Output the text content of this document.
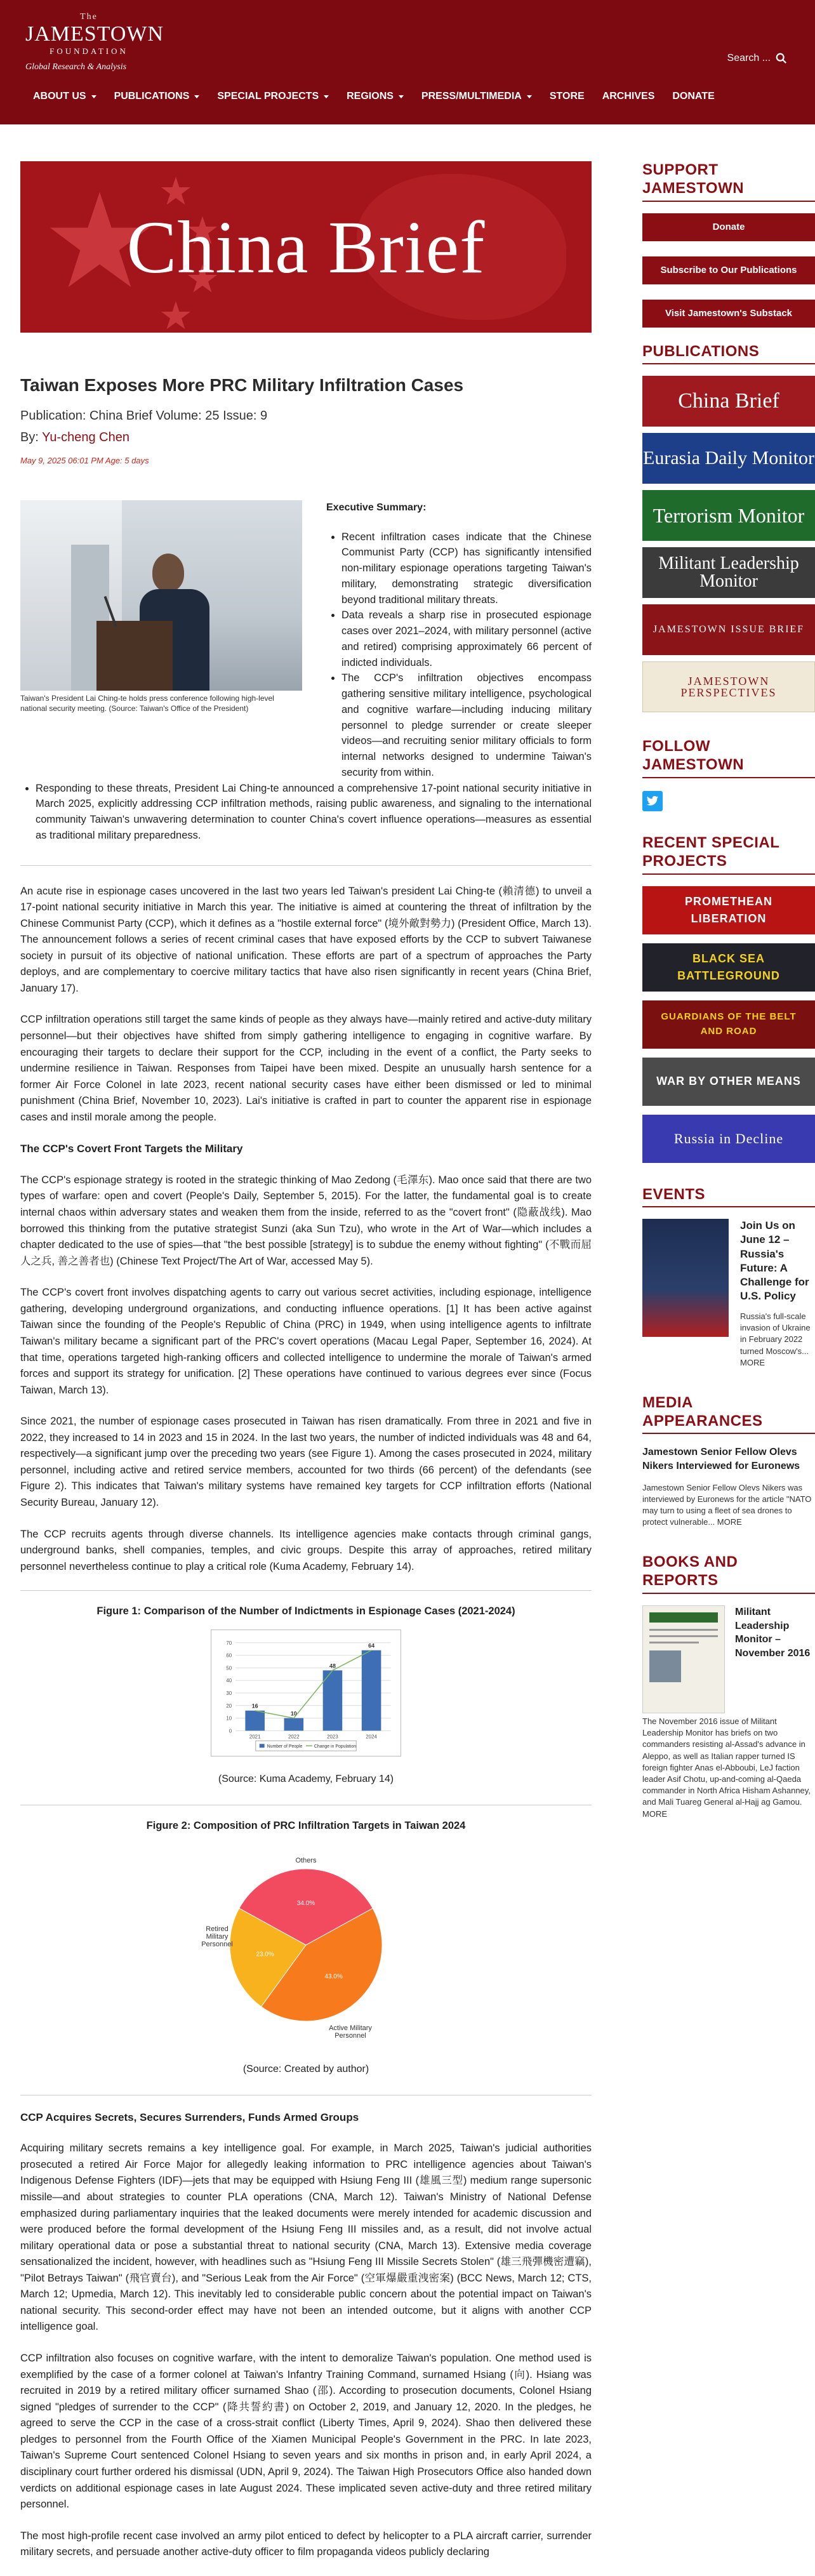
The
JAMESTOWN
FOUNDATION
Global Research & Analysis
Search ...
ABOUT US	PUBLICATIONS	SPECIAL PROJECTS	REGIONS	PRESS/MULTIMEDIA	STORE ARCHIVES DONATE
China Brief
Taiwan Exposes More PRC Military Infiltration Cases
Publication: China Brief Volume: 25 Issue: 9
By: Yu-cheng Chen
May 9, 2025 06:01 PM Age: 5 days
Taiwan's President Lai Ching-te holds press conference following high-level national security meeting. (Source: Taiwan's Office of the President)
Executive Summary:
• Recent infiltration cases indicate that the Chinese Communist Party (CCP) has significantly intensified non-military espionage operations targeting Taiwan's military, demonstrating strategic diversification beyond traditional military threats.
• Data reveals a sharp rise in prosecuted espionage cases over 2021–2024, with military personnel (active and retired) comprising approximately 66 percent of indicted individuals.
• The CCP's infiltration objectives encompass gathering sensitive military intelligence, psychological and cognitive warfare—including inducing military personnel to pledge surrender or create sleeper videos—and recruiting senior military officials to form internal networks designed to undermine Taiwan's security from within.
• Responding to these threats, President Lai Ching-te announced a comprehensive 17-point national security initiative in March 2025, explicitly addressing CCP infiltration methods, raising public awareness, and signaling to the international community Taiwan's unwavering determination to counter China's covert influence operations—measures as essential as traditional military preparedness.

An acute rise in espionage cases uncovered in the last two years led Taiwan's president Lai Ching-te (賴清德) to unveil a 17-point national security initiative in March this year. The initiative is aimed at countering the threat of infiltration by the Chinese Communist Party (CCP), which it defines as a "hostile external force" (境外敵對勢力) (President Office, March 13). The announcement follows a series of recent criminal cases that have exposed efforts by the CCP to subvert Taiwanese society in pursuit of its objective of national unification. These efforts are part of a spectrum of approaches the Party deploys, and are complementary to coercive military tactics that have also risen significantly in recent years (China Brief, January 17).

CCP infiltration operations still target the same kinds of people as they always have—mainly retired and active-duty military personnel—but their objectives have shifted from simply gathering intelligence to engaging in cognitive warfare. By encouraging their targets to declare their support for the CCP, including in the event of a conflict, the Party seeks to undermine resilience in Taiwan. Responses from Taipei have been mixed. Despite an unusually harsh sentence for a former Air Force Colonel in late 2023, recent national security cases have either been dismissed or led to minimal punishment (China Brief, November 10, 2023). Lai's initiative is crafted in part to counter the apparent rise in espionage cases and instil morale among the people.

The CCP's Covert Front Targets the Military

The CCP's espionage strategy is rooted in the strategic thinking of Mao Zedong (毛澤东). Mao once said that there are two types of warfare: open and covert (People's Daily, September 5, 2015). For the latter, the fundamental goal is to create internal chaos within adversary states and weaken them from the inside, referred to as the "covert front" (隐蔽战线). Mao borrowed this thinking from the putative strategist Sunzi (aka Sun Tzu), who wrote in the Art of War—which includes a chapter dedicated to the use of spies—that "the best possible [strategy] is to subdue the enemy without fighting" (不戰而屈人之兵, 善之善者也) (Chinese Text Project/The Art of War, accessed May 5).

The CCP's covert front involves dispatching agents to carry out various secret activities, including espionage, intelligence gathering, developing underground organizations, and conducting influence operations. [1] It has been active against Taiwan since the founding of the People's Republic of China (PRC) in 1949, when using intelligence agents to infiltrate Taiwan's military became a significant part of the PRC's covert operations (Macau Legal Paper, September 16, 2024). At that time, operations targeted high-ranking officers and collected intelligence to undermine the morale of Taiwan's armed forces and support its strategy for unification. [2] These operations have continued to various degrees ever since (Focus Taiwan, March 13).

Since 2021, the number of espionage cases prosecuted in Taiwan has risen dramatically. From three in 2021 and five in 2022, they increased to 14 in 2023 and 15 in 2024. In the last two years, the number of indicted individuals was 48 and 64, respectively—a significant jump over the preceding two years (see Figure 1). Among the cases prosecuted in 2024, military personnel, including active and retired service members, accounted for two thirds (66 percent) of the defendants (see Figure 2). This indicates that Taiwan's military systems have remained key targets for CCP infiltration efforts (National Security Bureau, January 12).

The CCP recruits agents through diverse channels. Its intelligence agencies make contacts through criminal gangs, underground banks, shell companies, temples, and civic groups. Despite this array of approaches, retired military personnel nevertheless continue to play a critical role (Kuma Academy, February 14).

Figure 1: Comparison of the Number of Indictments in Espionage Cases (2021-2024)
0
10
20
30
40
50
60
70
16
2021
10
2022
48
2023
64
2024
Number of People	Change in Population
(Source: Kuma Academy, February 14)
Figure 2: Composition of PRC Infiltration Targets in Taiwan 2024
34.0%
43.0%
23.0%
Others
Active Military Personnel
Retired Military Personnel
(Source: Created by author)
CCP Acquires Secrets, Secures Surrenders, Funds Armed Groups

Acquiring military secrets remains a key intelligence goal. For example, in March 2025, Taiwan's judicial authorities prosecuted a retired Air Force Major for allegedly leaking information to PRC intelligence agencies about Taiwan's Indigenous Defense Fighters (IDF)—jets that may be equipped with Hsiung Feng III (雄風三型) medium range supersonic missile—and about strategies to counter PLA operations (CNA, March 12). Taiwan's Ministry of National Defense emphasized during parliamentary inquiries that the leaked documents were merely intended for academic discussion and were produced before the formal development of the Hsiung Feng III missiles and, as a result, did not involve actual military operational data or pose a substantial threat to national security (CNA, March 13). Extensive media coverage sensationalized the incident, however, with headlines such as "Hsiung Feng III Missile Secrets Stolen" (雄三飛彈機密遭竊), "Pilot Betrays Taiwan" (飛官賣台), and "Serious Leak from the Air Force" (空軍爆嚴重洩密案) (BCC News, March 12; CTS, March 12; Upmedia, March 12). This inevitably led to considerable public concern about the potential impact on Taiwan's national security. This second-order effect may have not been an intended outcome, but it aligns with another CCP intelligence goal.

CCP infiltration also focuses on cognitive warfare, with the intent to demoralize Taiwan's population. One method used is exemplified by the case of a former colonel at Taiwan's Infantry Training Command, surnamed Hsiang (向). Hsiang was recruited in 2019 by a retired military officer surnamed Shao (邵). According to prosecution documents, Colonel Hsiang signed "pledges of surrender to the CCP" (降共誓約書) on October 2, 2019, and January 12, 2020. In the pledges, he agreed to serve the CCP in the case of a cross-strait conflict (Liberty Times, April 9, 2024). Shao then delivered these pledges to personnel from the Fourth Office of the Xiamen Municipal People's Government in the PRC. In late 2023, Taiwan's Supreme Court sentenced Colonel Hsiang to seven years and six months in prison and, in early April 2024, a disciplinary court further ordered his dismissal (UDN, April 9, 2024). The Taiwan High Prosecutors Office also handed down verdicts on additional espionage cases in late August 2024. These implicated seven active-duty and three retired military personnel.

The most high-profile recent case involved an army pilot enticed to defect by helicopter to a PLA aircraft carrier, surrender military secrets, and persuade another active-duty officer to film propaganda videos publicly declaring

SUPPORT JAMESTOWN
Donate
Subscribe to Our Publications
Visit Jamestown's Substack
PUBLICATIONS
China Brief
Eurasia Daily Monitor
Terrorism Monitor
Militant Leadership Monitor
JAMESTOWN ISSUE BRIEF
JAMESTOWN PERSPECTIVES
FOLLOW JAMESTOWN
RECENT SPECIAL PROJECTS
PROMETHEAN LIBERATION
BLACK SEA BATTLEGROUND
GUARDIANS OF THE BELT AND ROAD
WAR BY OTHER MEANS
Russia in Decline
EVENTS
Join Us on June 12 – Russia's Future: A Challenge for U.S. Policy
Russia's full-scale invasion of Ukraine in February 2022 turned Moscow's... MORE
MEDIA APPEARANCES
Jamestown Senior Fellow Olevs Nikers Interviewed for Euronews
Jamestown Senior Fellow Olevs Nikers was interviewed by Euronews for the article "NATO may turn to using a fleet of sea drones to protect vulnerable... MORE
BOOKS AND REPORTS
Militant Leadership Monitor – November 2016
The November 2016 issue of Militant Leadership Monitor has briefs on two commanders resisting al-Assad's advance in Aleppo, as well as Italian rapper turned IS foreign fighter Anas el-Abboubi, LeJ faction leader Asif Chotu, up-and-coming al-Qaeda commander in North Africa Hisham Ashanney, and Mali Tuareg General al-Hajj ag Gamou. MORE
